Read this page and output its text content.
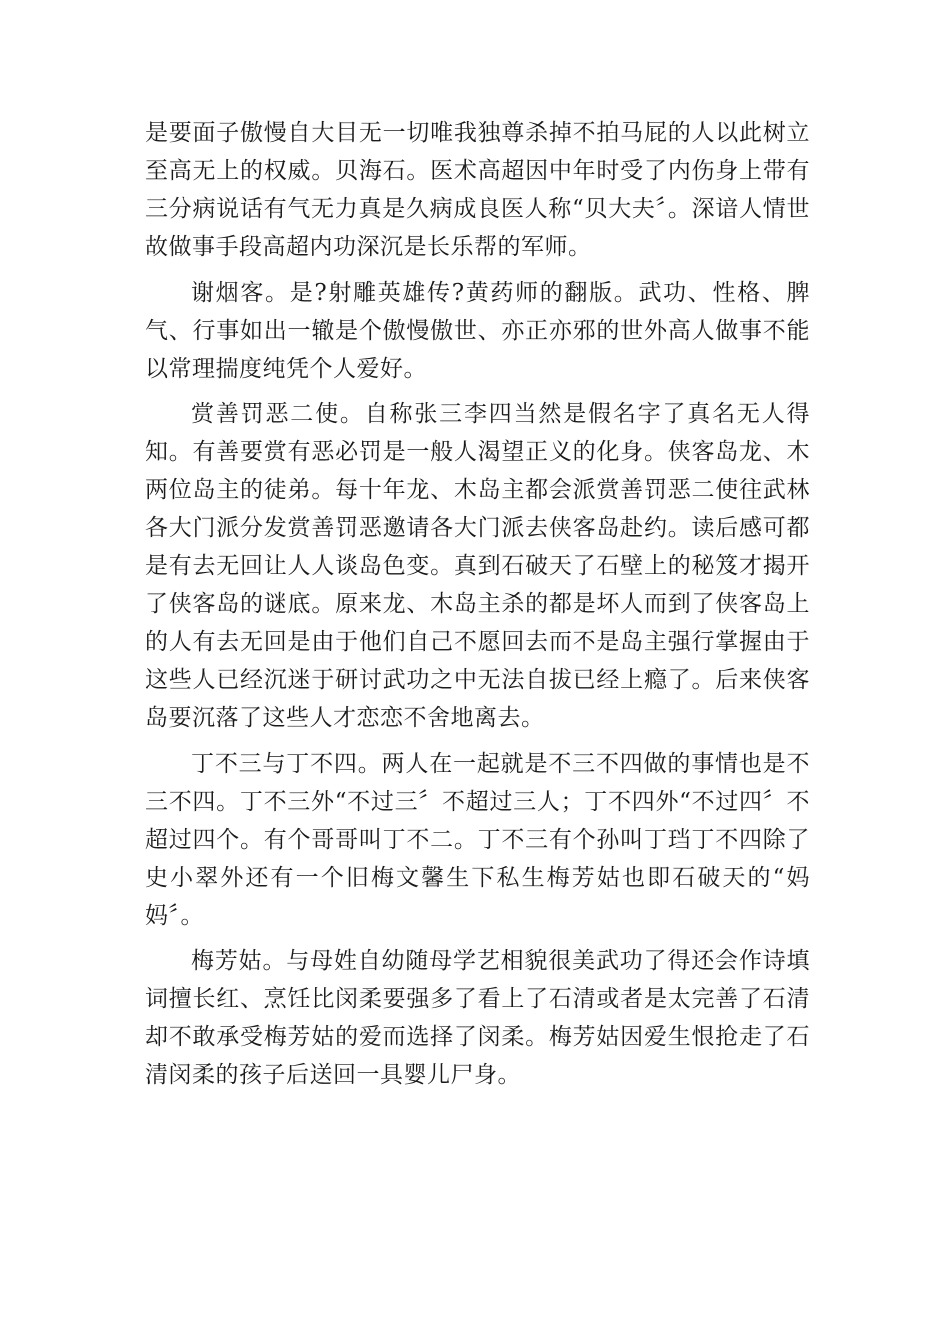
是要面子傲慢自大目无一切唯我独尊杀掉不拍马屁的人以此树立至高无上的权威。贝海石。医术高超因中年时受了内伤身上带有三分病说话有气无力真是久病成良医人称“贝大夫〞。深谙人情世故做事手段高超内功深沉是长乐帮的军师。

谢烟客。是?射雕英雄传?黄药师的翻版。武功、性格、脾气、行事如出一辙是个傲慢傲世、亦正亦邪的世外高人做事不能以常理揣度纯凭个人爱好。

赏善罚恶二使。自称张三李四当然是假名字了真名无人得知。有善要赏有恶必罚是一般人渴望正义的化身。侠客岛龙、木两位岛主的徒弟。每十年龙、木岛主都会派赏善罚恶二使往武林各大门派分发赏善罚恶邀请各大门派去侠客岛赴约。读后感可都是有去无回让人人谈岛色变。真到石破天了石壁上的秘笈才揭开了侠客岛的谜底。原来龙、木岛主杀的都是坏人而到了侠客岛上的人有去无回是由于他们自己不愿回去而不是岛主强行掌握由于这些人已经沉迷于研讨武功之中无法自拔已经上瘾了。后来侠客岛要沉落了这些人才恋恋不舍地离去。

丁不三与丁不四。两人在一起就是不三不四做的事情也是不三不四。丁不三外“不过三〞不超过三人；丁不四外“不过四〞不超过四个。有个哥哥叫丁不二。丁不三有个孙叫丁珰丁不四除了史小翠外还有一个旧梅文馨生下私生梅芳姑也即石破天的“妈妈〞。

梅芳姑。与母姓自幼随母学艺相貌很美武功了得还会作诗填词擅长红、烹饪比闵柔要强多了看上了石清或者是太完善了石清却不敢承受梅芳姑的爱而选择了闵柔。梅芳姑因爱生恨抢走了石清闵柔的孩子后送回一具婴儿尸身。
